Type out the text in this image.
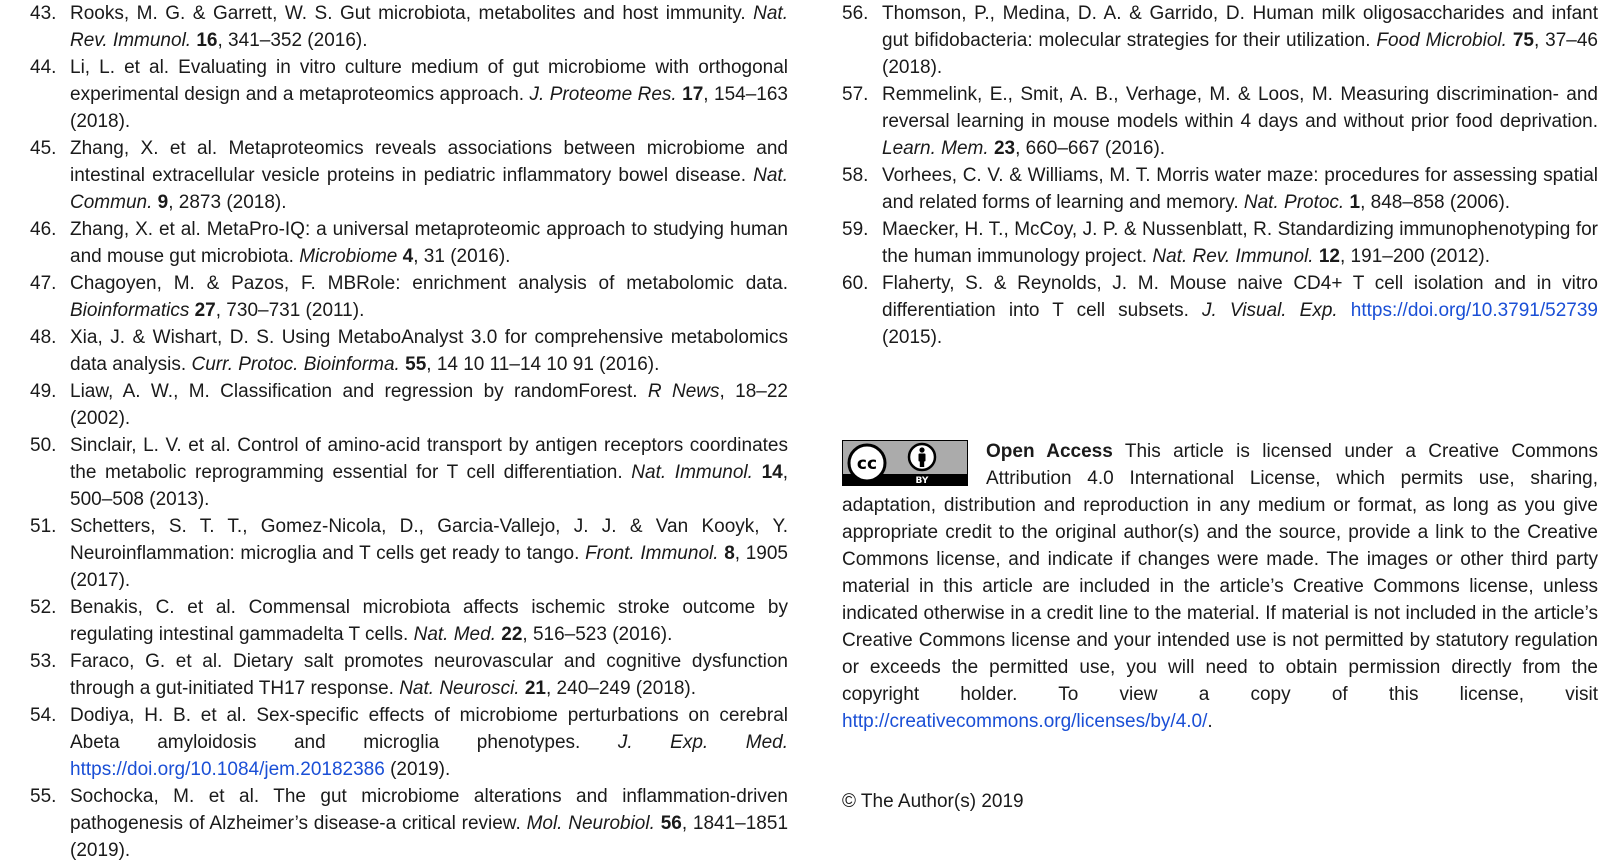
43. Rooks, M. G. & Garrett, W. S. Gut microbiota, metabolites and host immunity. Nat. Rev. Immunol. 16, 341–352 (2016).

44. Li, L. et al. Evaluating in vitro culture medium of gut microbiome with orthogonal experimental design and a metaproteomics approach. J. Proteome Res. 17, 154–163 (2018).

45. Zhang, X. et al. Metaproteomics reveals associations between microbiome and intestinal extracellular vesicle proteins in pediatric inflammatory bowel disease. Nat. Commun. 9, 2873 (2018).

46. Zhang, X. et al. MetaPro-IQ: a universal metaproteomic approach to studying human and mouse gut microbiota. Microbiome 4, 31 (2016).

47. Chagoyen, M. & Pazos, F. MBRole: enrichment analysis of metabolomic data. Bioinformatics 27, 730–731 (2011).

48. Xia, J. & Wishart, D. S. Using MetaboAnalyst 3.0 for comprehensive metabolomics data analysis. Curr. Protoc. Bioinforma. 55, 14 10 11–14 10 91 (2016).

49. Liaw, A. W., M. Classification and regression by randomForest. R News, 18–22 (2002).

50. Sinclair, L. V. et al. Control of amino-acid transport by antigen receptors coordinates the metabolic reprogramming essential for T cell differentiation. Nat. Immunol. 14, 500–508 (2013).

51. Schetters, S. T. T., Gomez-Nicola, D., Garcia-Vallejo, J. J. & Van Kooyk, Y. Neuroinflammation: microglia and T cells get ready to tango. Front. Immunol. 8, 1905 (2017).

52. Benakis, C. et al. Commensal microbiota affects ischemic stroke outcome by regulating intestinal gammadelta T cells. Nat. Med. 22, 516–523 (2016).

53. Faraco, G. et al. Dietary salt promotes neurovascular and cognitive dysfunction through a gut-initiated TH17 response. Nat. Neurosci. 21, 240–249 (2018).

54. Dodiya, H. B. et al. Sex-specific effects of microbiome perturbations on cerebral Abeta amyloidosis and microglia phenotypes. J. Exp. Med. https://doi.org/10.1084/jem.20182386 (2019).

55. Sochocka, M. et al. The gut microbiome alterations and inflammation-driven pathogenesis of Alzheimer’s disease-a critical review. Mol. Neurobiol. 56, 1841–1851 (2019).

56. Thomson, P., Medina, D. A. & Garrido, D. Human milk oligosaccharides and infant gut bifidobacteria: molecular strategies for their utilization. Food Microbiol. 75, 37–46 (2018).

57. Remmelink, E., Smit, A. B., Verhage, M. & Loos, M. Measuring discrimination- and reversal learning in mouse models within 4 days and without prior food deprivation. Learn. Mem. 23, 660–667 (2016).

58. Vorhees, C. V. & Williams, M. T. Morris water maze: procedures for assessing spatial and related forms of learning and memory. Nat. Protoc. 1, 848–858 (2006).

59. Maecker, H. T., McCoy, J. P. & Nussenblatt, R. Standardizing immunophenotyping for the human immunology project. Nat. Rev. Immunol. 12, 191–200 (2012).

60. Flaherty, S. & Reynolds, J. M. Mouse naive CD4+ T cell isolation and in vitro differentiation into T cell subsets. J. Visual. Exp. https://doi.org/10.3791/52739 (2015).

cc
BY
Open Access This article is licensed under a Creative Commons Attribution 4.0 International License, which permits use, sharing, adaptation, distribution and reproduction in any medium or format, as long as you give appropriate credit to the original author(s) and the source, provide a link to the Creative Commons license, and indicate if changes were made. The images or other third party material in this article are included in the article’s Creative Commons license, unless indicated otherwise in a credit line to the material. If material is not included in the article’s Creative Commons license and your intended use is not permitted by statutory regulation or exceeds the permitted use, you will need to obtain permission directly from the copyright holder. To view a copy of this license, visit http://creativecommons.org/licenses/by/4.0/.
© The Author(s) 2019
